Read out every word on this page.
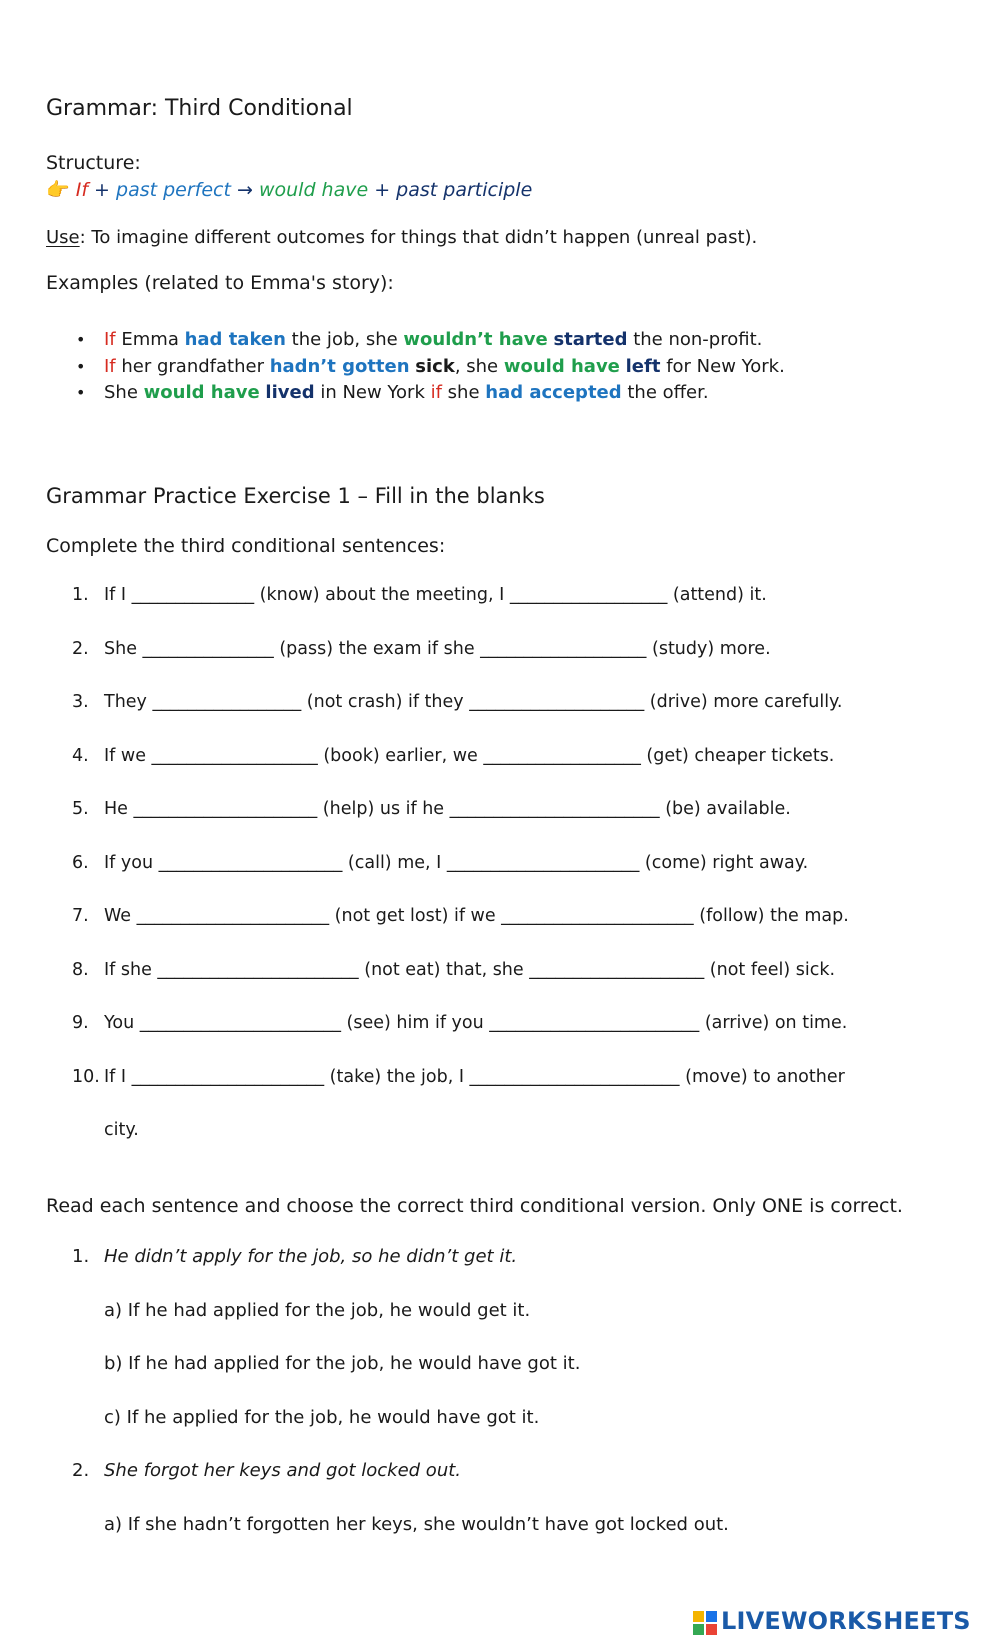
Grammar: Third Conditional
Structure:
👉 If + past perfect → would have + past participle
Use: To imagine different outcomes for things that didn’t happen (unreal past).
Examples (related to Emma's story):
• If Emma had taken the job, she wouldn’t have started the non-profit.
• If her grandfather hadn’t gotten sick, she would have left for New York.
• She would have lived in New York if she had accepted the offer.
Grammar Practice Exercise 1 – Fill in the blanks
Complete the third conditional sentences:
1. If I ______________ (know) about the meeting, I __________________ (attend) it.
2. She _______________ (pass) the exam if she ___________________ (study) more.
3. They _________________ (not crash) if they ____________________ (drive) more carefully.
4. If we ___________________ (book) earlier, we __________________ (get) cheaper tickets.
5. He _____________________ (help) us if he ________________________ (be) available.
6. If you _____________________ (call) me, I ______________________ (come) right away.
7. We ______________________ (not get lost) if we ______________________ (follow) the map.
8. If she _______________________ (not eat) that, she ____________________ (not feel) sick.
9. You _______________________ (see) him if you ________________________ (arrive) on time.
10. If I ______________________ (take) the job, I ________________________ (move) to another
city.
Read each sentence and choose the correct third conditional version. Only ONE is correct.
1. He didn’t apply for the job, so he didn’t get it.
a) If he had applied for the job, he would get it.
b) If he had applied for the job, he would have got it.
c) If he applied for the job, he would have got it.
2. She forgot her keys and got locked out.
a) If she hadn’t forgotten her keys, she wouldn’t have got locked out.
LIVEWORKSHEETS
